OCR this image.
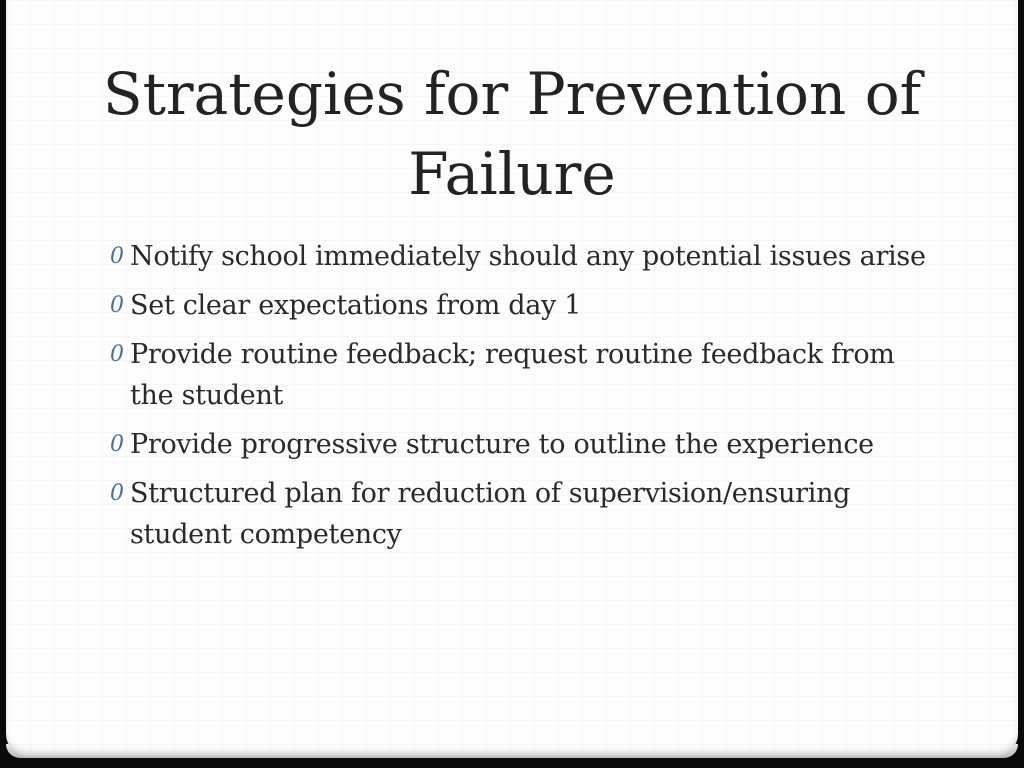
Strategies for Prevention of Failure
0 Notify school immediately should any potential issues arise
0 Set clear expectations from day 1
0 Provide routine feedback; request routine feedback from the student
0 Provide progressive structure to outline the experience
0 Structured plan for reduction of supervision/ensuring student competency
